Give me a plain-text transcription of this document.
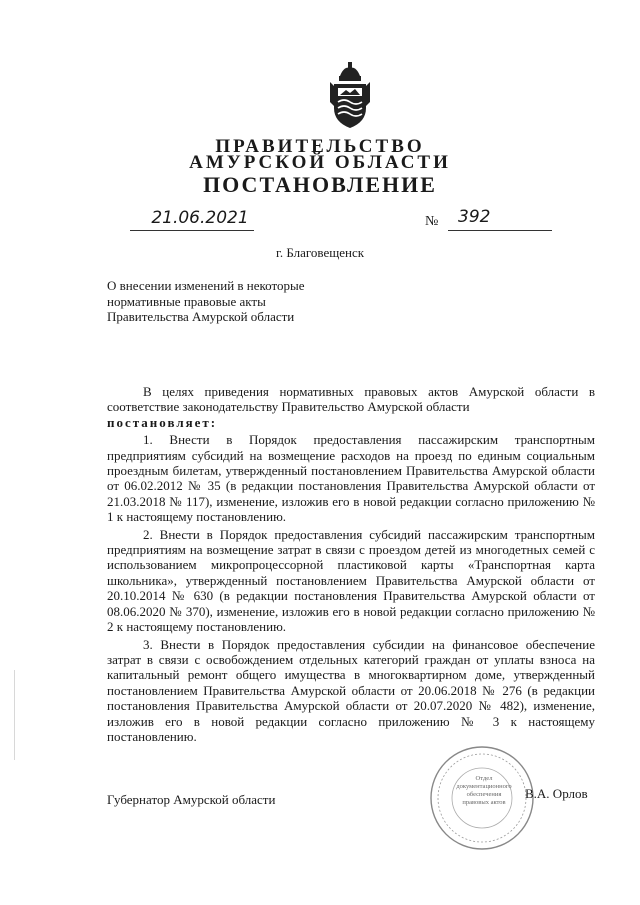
ПРАВИТЕЛЬСТВО
АМУРСКОЙ ОБЛАСТИ
ПОСТАНОВЛЕНИЕ
21.06.2021	№ 392
г. Благовещенск
О внесении изменений в некоторые нормативные правовые акты Правительства Амурской области

В целях приведения нормативных правовых актов Амурской области в соответствие законодательству Правительство Амурской области

постановляет:

1. Внести в Порядок предоставления пассажирским транспортным предприятиям субсидий на возмещение расходов на проезд по единым социальным проездным билетам, утвержденный постановлением Правительства Амурской области от 06.02.2012 № 35 (в редакции постановления Правительства Амурской области от 21.03.2018 № 117), изменение, изложив его в новой редакции согласно приложению № 1 к настоящему постановлению.

2. Внести в Порядок предоставления субсидий пассажирским транспортным предприятиям на возмещение затрат в связи с проездом детей из многодетных семей с использованием микропроцессорной пластиковой карты «Транспортная карта школьника», утвержденный постановлением Правительства Амурской области от 20.10.2014 № 630 (в редакции постановления Правительства Амурской области от 08.06.2020 № 370), изменение, изложив его в новой редакции согласно приложению № 2 к настоящему постановлению.

3. Внести в Порядок предоставления субсидии на финансовое обеспечение затрат в связи с освобождением отдельных категорий граждан от уплаты взноса на капитальный ремонт общего имущества в многоквартирном доме, утвержденный постановлением Правительства Амурской области от 20.06.2018 № 276 (в редакции постановления Правительства Амурской области от 20.07.2020 № 482), изменение, изложив его в новой редакции согласно приложению № 3 к настоящему постановлению.

Отдел документационного обеспечения правовых актов
Губернатор Амурской области	В.А. Орлов
